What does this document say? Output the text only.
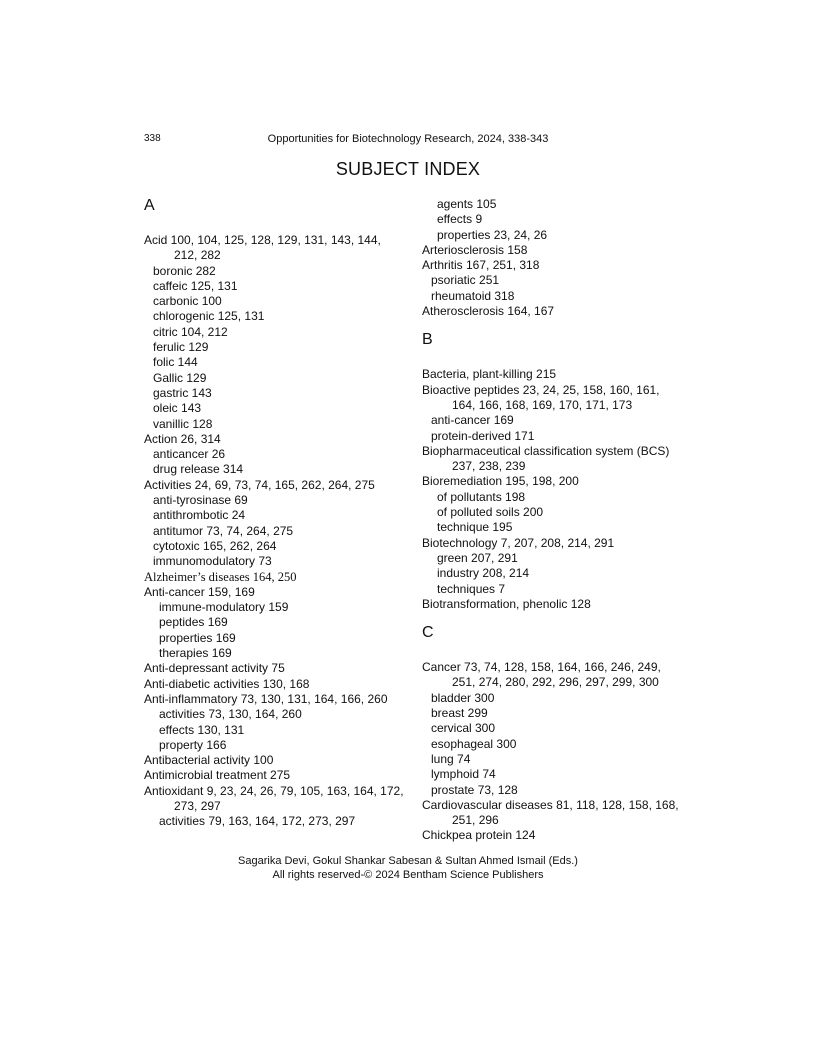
338	Opportunities for Biotechnology Research, 2024, 338-343
SUBJECT INDEX
A
Acid 100, 104, 125, 128, 129, 131, 143, 144, 212, 282
boronic 282
caffeic 125, 131
carbonic 100
chlorogenic 125, 131
citric 104, 212
ferulic 129
folic 144
Gallic 129
gastric 143
oleic 143
vanillic 128
Action 26, 314
anticancer 26
drug release 314
Activities 24, 69, 73, 74, 165, 262, 264, 275
anti-tyrosinase 69
antithrombotic 24
antitumor 73, 74, 264, 275
cytotoxic 165, 262, 264
immunomodulatory 73
Alzheimer’s diseases 164, 250
Anti-cancer 159, 169
immune-modulatory 159
peptides 169
properties 169
therapies 169
Anti-depressant activity 75
Anti-diabetic activities 130, 168
Anti-inflammatory 73, 130, 131, 164, 166, 260
activities 73, 130, 164, 260
effects 130, 131
property 166
Antibacterial activity 100
Antimicrobial treatment 275
Antioxidant 9, 23, 24, 26, 79, 105, 163, 164, 172, 273, 297
activities 79, 163, 164, 172, 273, 297
agents 105
effects 9
properties 23, 24, 26
Arteriosclerosis 158
Arthritis 167, 251, 318
psoriatic 251
rheumatoid 318
Atherosclerosis 164, 167
B
Bacteria, plant-killing 215
Bioactive peptides 23, 24, 25, 158, 160, 161, 164, 166, 168, 169, 170, 171, 173
anti-cancer 169
protein-derived 171
Biopharmaceutical classification system (BCS) 237, 238, 239
Bioremediation 195, 198, 200
of pollutants 198
of polluted soils 200
technique 195
Biotechnology 7, 207, 208, 214, 291
green 207, 291
industry 208, 214
techniques 7
Biotransformation, phenolic 128
C
Cancer 73, 74, 128, 158, 164, 166, 246, 249, 251, 274, 280, 292, 296, 297, 299, 300
bladder 300
breast 299
cervical 300
esophageal 300
lung 74
lymphoid 74
prostate 73, 128
Cardiovascular diseases 81, 118, 128, 158, 168, 251, 296
Chickpea protein 124
Sagarika Devi, Gokul Shankar Sabesan & Sultan Ahmed Ismail (Eds.)
All rights reserved-© 2024 Bentham Science Publishers
